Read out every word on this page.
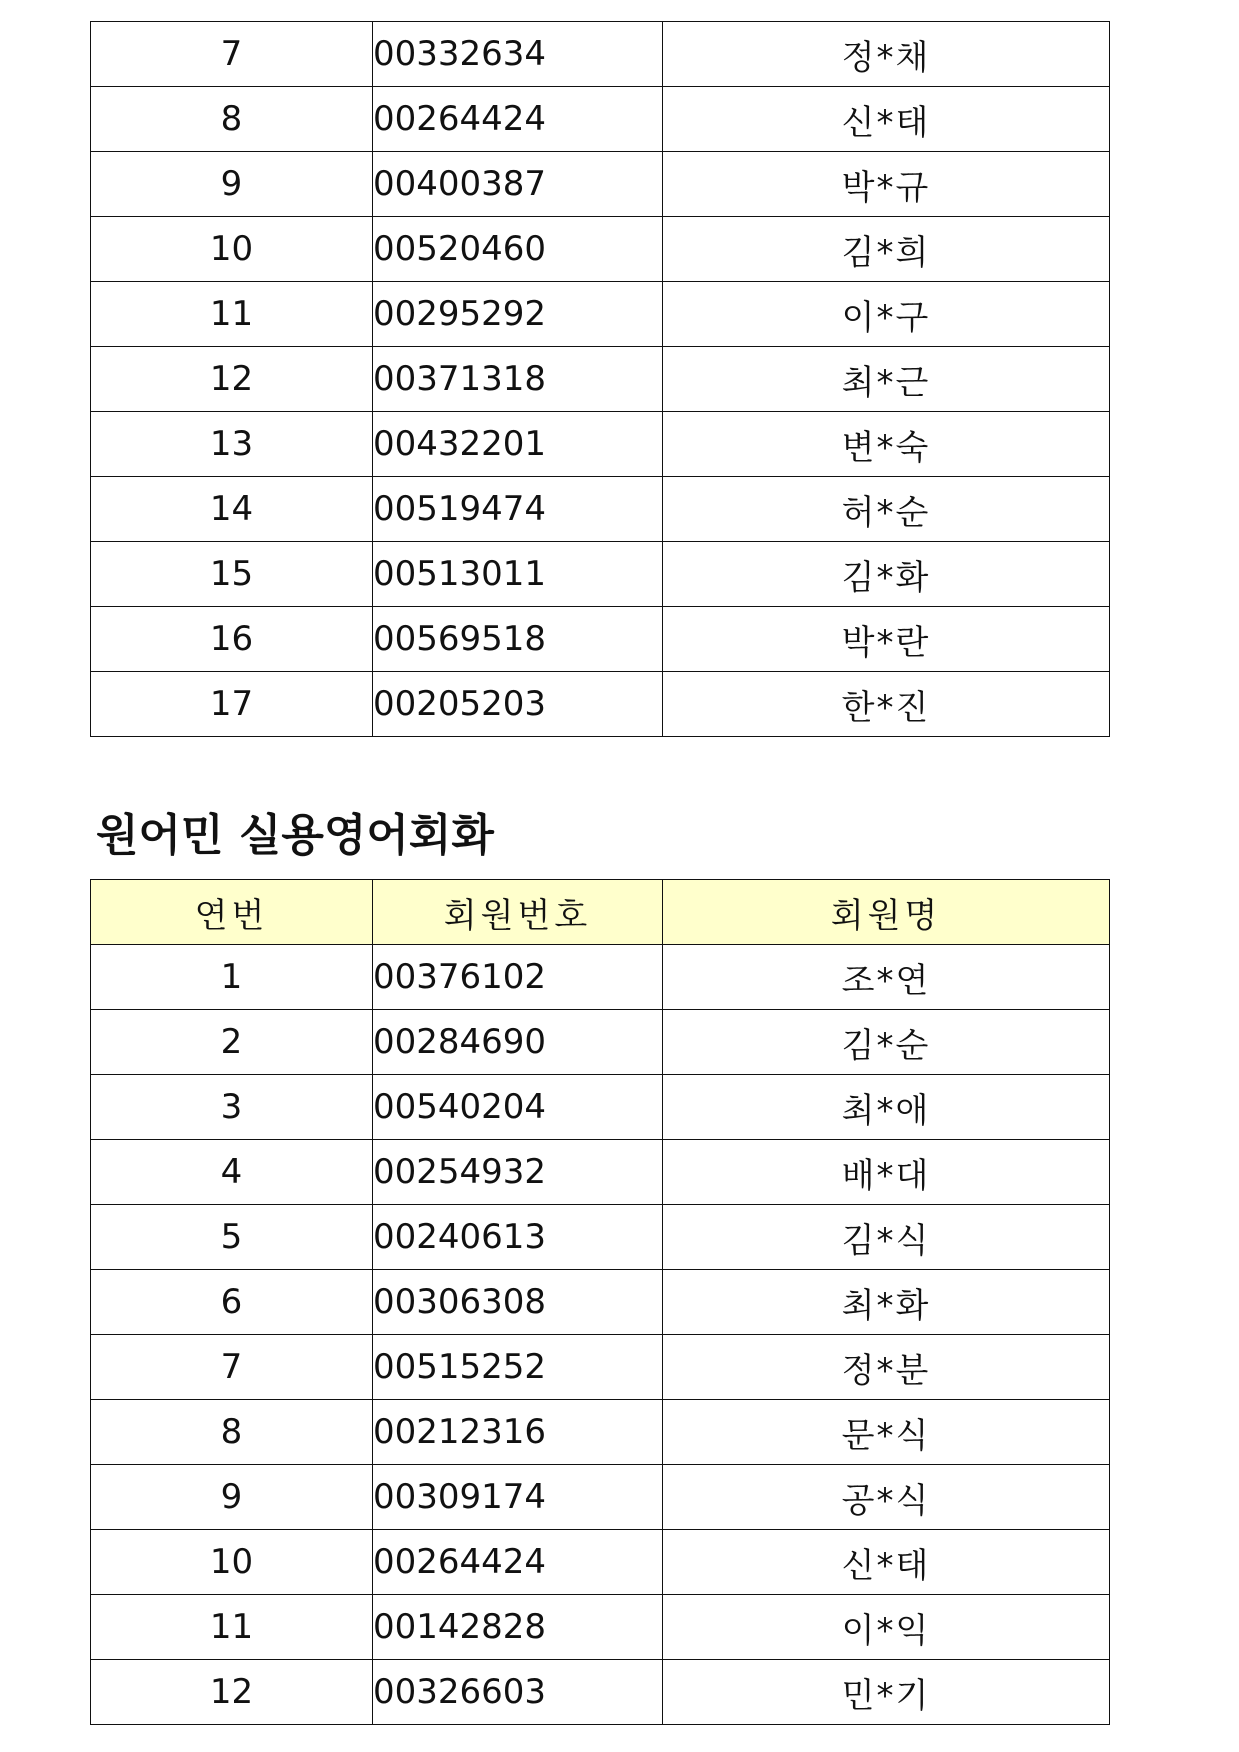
7	00332634	정*채
8	00264424	신*태
9	00400387	박*규
10	00520460	김*희
11	00295292	이*구
12	00371318	최*근
13	00432201	변*숙
14	00519474	허*순
15	00513011	김*화
16	00569518	박*란
17	00205203	한*진
원어민 실용영어회화
연번	회원번호	회원명
1	00376102	조*연
2	00284690	김*순
3	00540204	최*애
4	00254932	배*대
5	00240613	김*식
6	00306308	최*화
7	00515252	정*분
8	00212316	문*식
9	00309174	공*식
10	00264424	신*태
11	00142828	이*익
12	00326603	민*기
